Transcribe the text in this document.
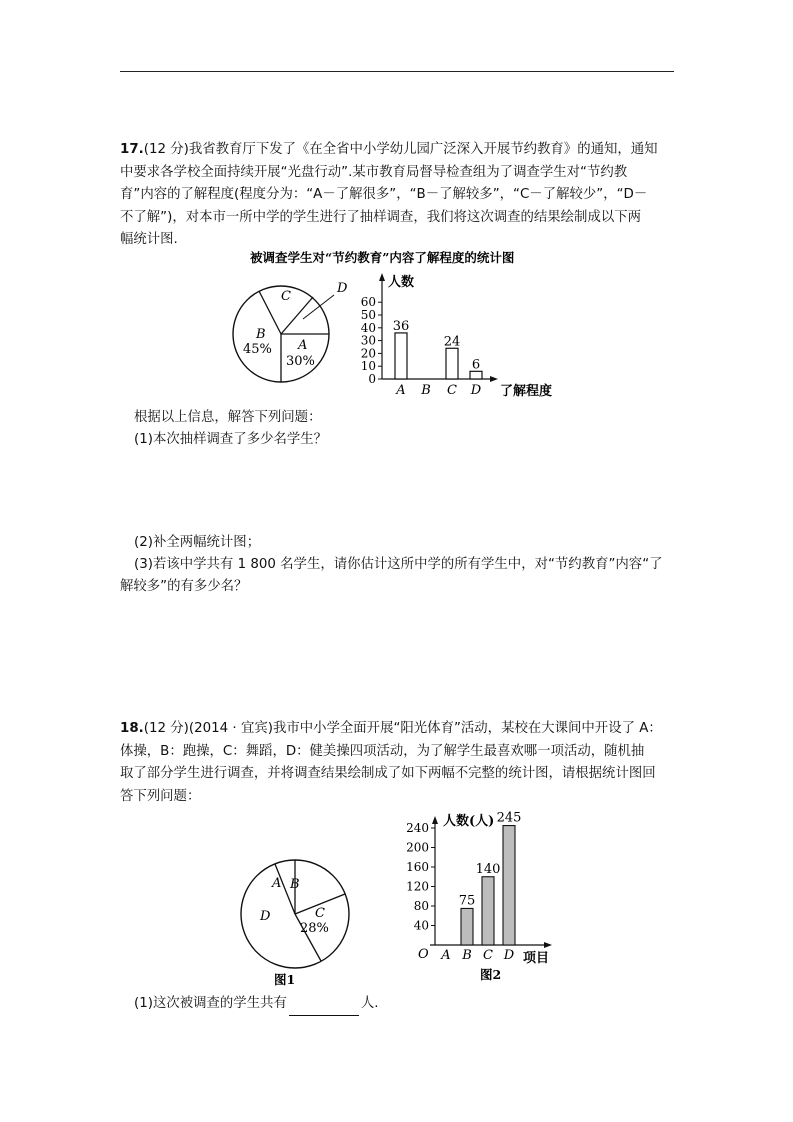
17.(12 分)我省教育厅下发了《在全省中小学幼儿园广泛深入开展节约教育》的通知，通知
中要求各学校全面持续开展“光盘行动”.某市教育局督导检查组为了调查学生对“节约教
育”内容的了解程度(程度分为：“A－了解很多”，“B－了解较多”，“C－了解较少”，“D－
不了解”)，对本市一所中学的学生进行了抽样调查，我们将这次调查的结果绘制成以下两
幅统计图.
被调查学生对“节约教育”内容了解程度的统计图
C
D
B
45% A
30%
人数
了解程度
0
10
20
30
40
50
60
A B C D
36
24
6
根据以上信息，解答下列问题：
(1)本次抽样调查了多少名学生？
(2)补全两幅统计图；
(3)若该中学共有 1 800 名学生，请你估计这所中学的所有学生中，对“节约教育”内容“了
解较多”的有多少名？
18.(12 分)(2014 · 宜宾)我市中小学全面开展“阳光体育”活动，某校在大课间中开设了 A：
体操，B：跑操，C：舞蹈，D：健美操四项活动，为了解学生最喜欢哪一项活动，随机抽
取了部分学生进行调查，并将调查结果绘制成了如下两幅不完整的统计图，请根据统计图回
答下列问题：
A B
C
28%
D
图1
人数(人)
项目
O
图2
40
80
120
160
200
240
A B C D
75
140
245
(1)这次被调查的学生共有	人.
